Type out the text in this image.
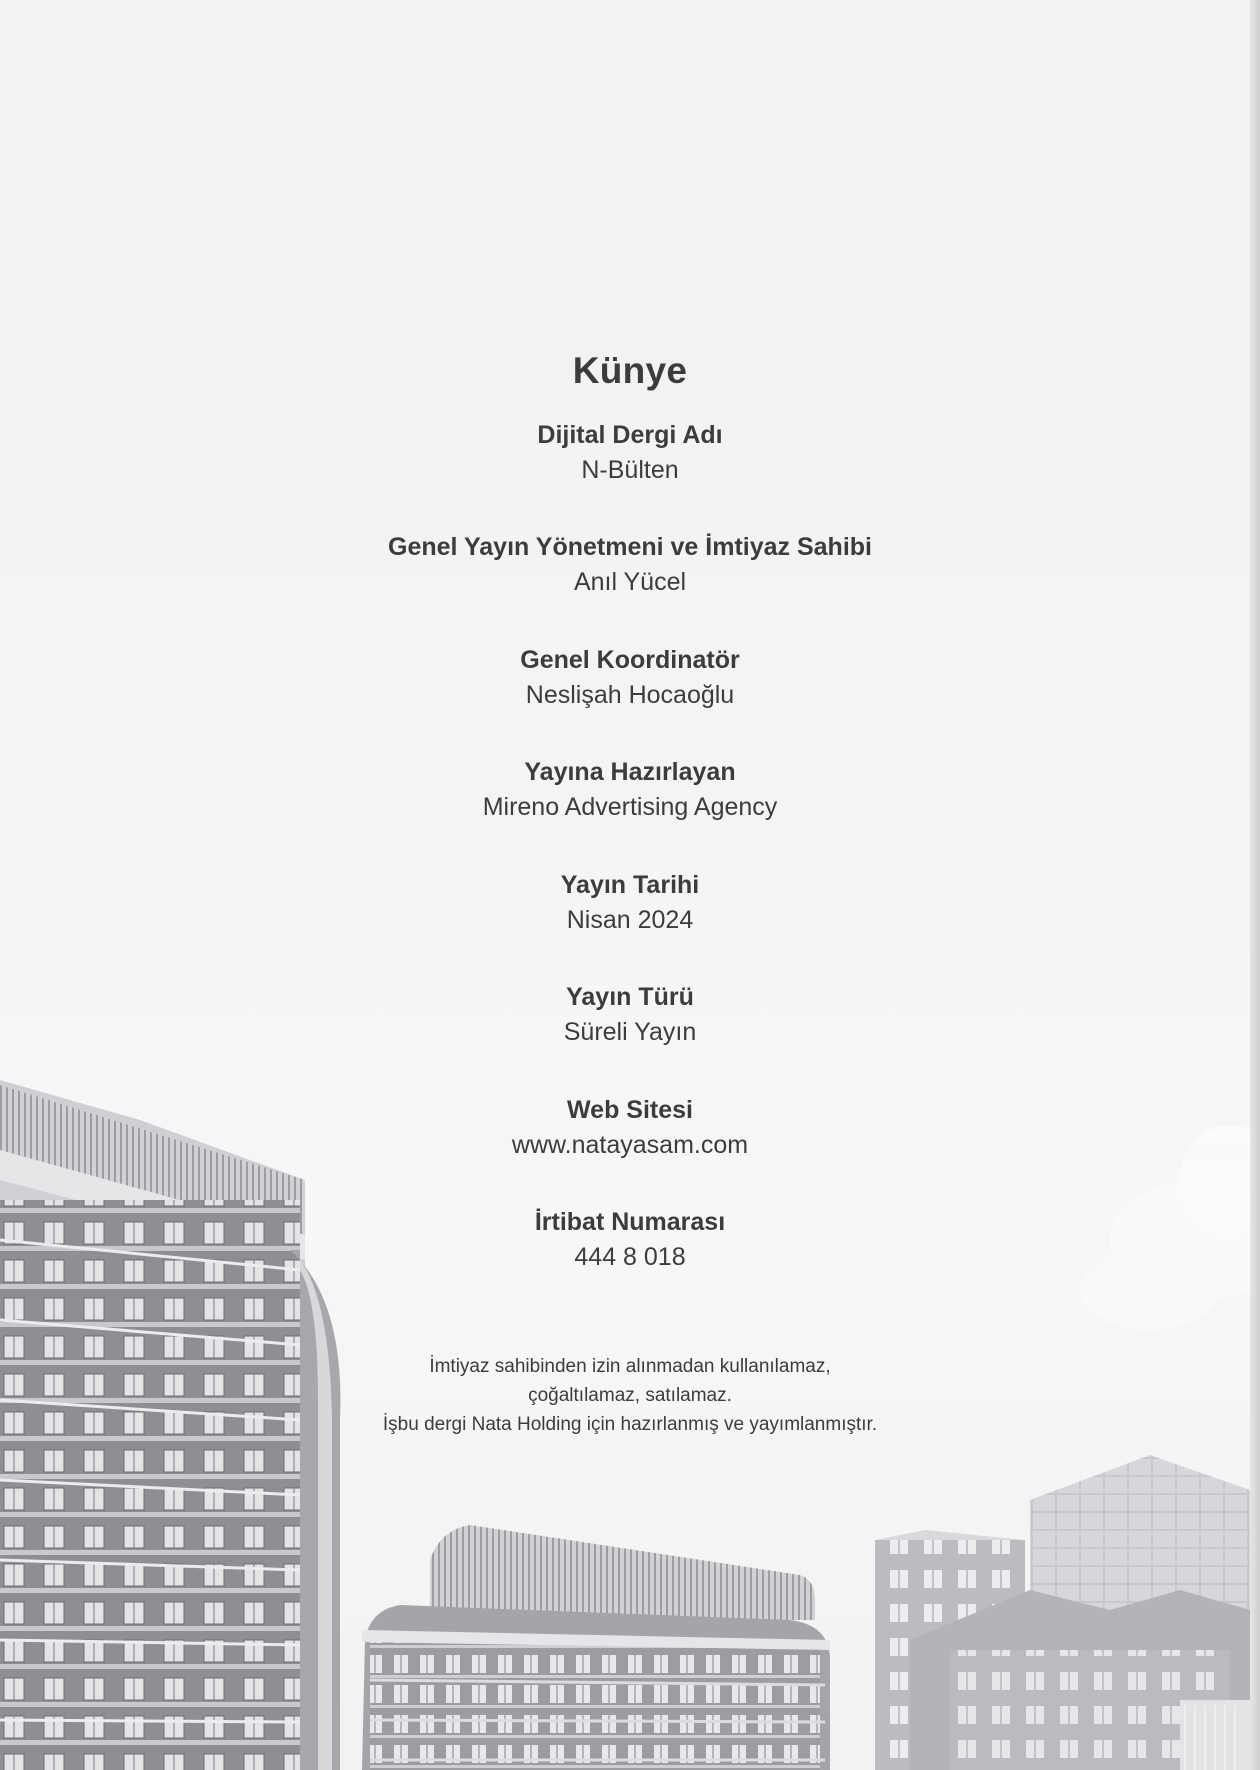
Künye
Dijital Dergi Adı
N-Bülten
Genel Yayın Yönetmeni ve İmtiyaz Sahibi
Anıl Yücel
Genel Koordinatör
Neslişah Hocaoğlu
Yayına Hazırlayan
Mireno Advertising Agency
Yayın Tarihi
Nisan 2024
Yayın Türü
Süreli Yayın
Web Sitesi
www.natayasam.com
İrtibat Numarası
444 8 018
İmtiyaz sahibinden izin alınmadan kullanılamaz,
çoğaltılamaz, satılamaz.
İşbu dergi Nata Holding için hazırlanmış ve yayımlanmıştır.
